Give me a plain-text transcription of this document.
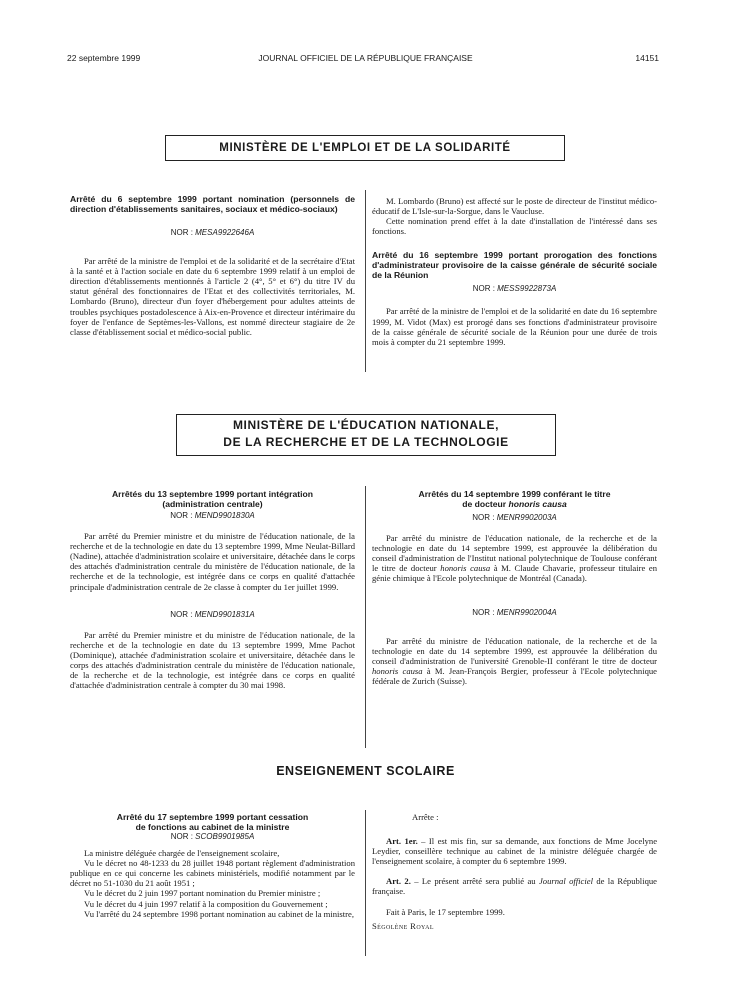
22 septembre 1999	JOURNAL OFFICIEL DE LA RÉPUBLIQUE FRANÇAISE	14151
MINISTÈRE DE L'EMPLOI ET DE LA SOLIDARITÉ

Arrêté du 6 septembre 1999 portant nomination (personnels de direction d'établissements sanitaires, sociaux et médico-sociaux)

NOR : MESA9922646A

Par arrêté de la ministre de l'emploi et de la solidarité et de la secrétaire d'Etat à la santé et à l'action sociale en date du 6 septembre 1999 relatif à un emploi de direction d'établissements mentionnés à l'article 2 (4°, 5° et 6°) du titre IV du statut général des fonctionnaires de l'Etat et des collectivités territoriales, M. Lombardo (Bruno), directeur d'un foyer d'hébergement pour adultes atteints de troubles psychiques postadolescence à Aix-en-Provence et directeur intérimaire du foyer de l'enfance de Septèmes-les-Vallons, est nommé directeur stagiaire de 2e classe d'établissement social et médico-social public.

M. Lombardo (Bruno) est affecté sur le poste de directeur de l'institut médico-éducatif de L'Isle-sur-la-Sorgue, dans le Vaucluse.

Cette nomination prend effet à la date d'installation de l'intéressé dans ses fonctions.

Arrêté du 16 septembre 1999 portant prorogation des fonctions d'administrateur provisoire de la caisse générale de sécurité sociale de la Réunion

NOR : MESS9922873A

Par arrêté de la ministre de l'emploi et de la solidarité en date du 16 septembre 1999, M. Vidot (Max) est prorogé dans ses fonctions d'administrateur provisoire de la caisse générale de sécurité sociale de la Réunion pour une durée de trois mois à compter du 21 septembre 1999.

MINISTÈRE DE L'ÉDUCATION NATIONALE,
DE LA RECHERCHE ET DE LA TECHNOLOGIE

Arrêtés du 13 septembre 1999 portant intégration (administration centrale)

NOR : MEND9901830A

Par arrêté du Premier ministre et du ministre de l'éducation nationale, de la recherche et de la technologie en date du 13 septembre 1999, Mme Neulat-Billard (Nadine), attachée d'administration scolaire et universitaire, détachée dans le corps des attachés d'administration centrale du ministère de l'éducation nationale, de la recherche et de la technologie, est intégrée dans ce corps en qualité d'attachée principale d'administration centrale de 2e classe à compter du 1er juillet 1999.

NOR : MEND9901831A

Par arrêté du Premier ministre et du ministre de l'éducation nationale, de la recherche et de la technologie en date du 13 septembre 1999, Mme Pachot (Dominique), attachée d'administration scolaire et universitaire, détachée dans le corps des attachés d'administration centrale du ministère de l'éducation nationale, de la recherche et de la technologie, est intégrée dans ce corps en qualité d'attachée d'administration centrale à compter du 30 mai 1998.

Arrêtés du 14 septembre 1999 conférant le titre
de docteur honoris causa

NOR : MENR9902003A

Par arrêté du ministre de l'éducation nationale, de la recherche et de la technologie en date du 14 septembre 1999, est approuvée la délibération du conseil d'administration de l'Institut national polytechnique de Toulouse conférant le titre de docteur honoris causa à M. Claude Chavarie, professeur titulaire en génie chimique à l'Ecole polytechnique de Montréal (Canada).

NOR : MENR9902004A

Par arrêté du ministre de l'éducation nationale, de la recherche et de la technologie en date du 14 septembre 1999, est approuvée la délibération du conseil d'administration de l'université Grenoble-II conférant le titre de docteur honoris causa à M. Jean-François Bergier, professeur à l'Ecole polytechnique fédérale de Zurich (Suisse).

ENSEIGNEMENT SCOLAIRE

Arrêté du 17 septembre 1999 portant cessation
de fonctions au cabinet de la ministre

NOR : SCOB9901985A

La ministre déléguée chargée de l'enseignement scolaire,

Vu le décret no 48-1233 du 28 juillet 1948 portant règlement d'administration publique en ce qui concerne les cabinets ministériels, modifié notamment par le décret no 51-1030 du 21 août 1951 ;

Vu le décret du 2 juin 1997 portant nomination du Premier ministre ;

Vu le décret du 4 juin 1997 relatif à la composition du Gouvernement ;

Vu l'arrêté du 24 septembre 1998 portant nomination au cabinet de la ministre,

Arrête :

Art. 1er. – Il est mis fin, sur sa demande, aux fonctions de Mme Jocelyne Leydier, conseillère technique au cabinet de la ministre déléguée chargée de l'enseignement scolaire, à compter du 6 septembre 1999.

Art. 2. – Le présent arrêté sera publié au Journal officiel de la République française.

Fait à Paris, le 17 septembre 1999.

Ségolène Royal
